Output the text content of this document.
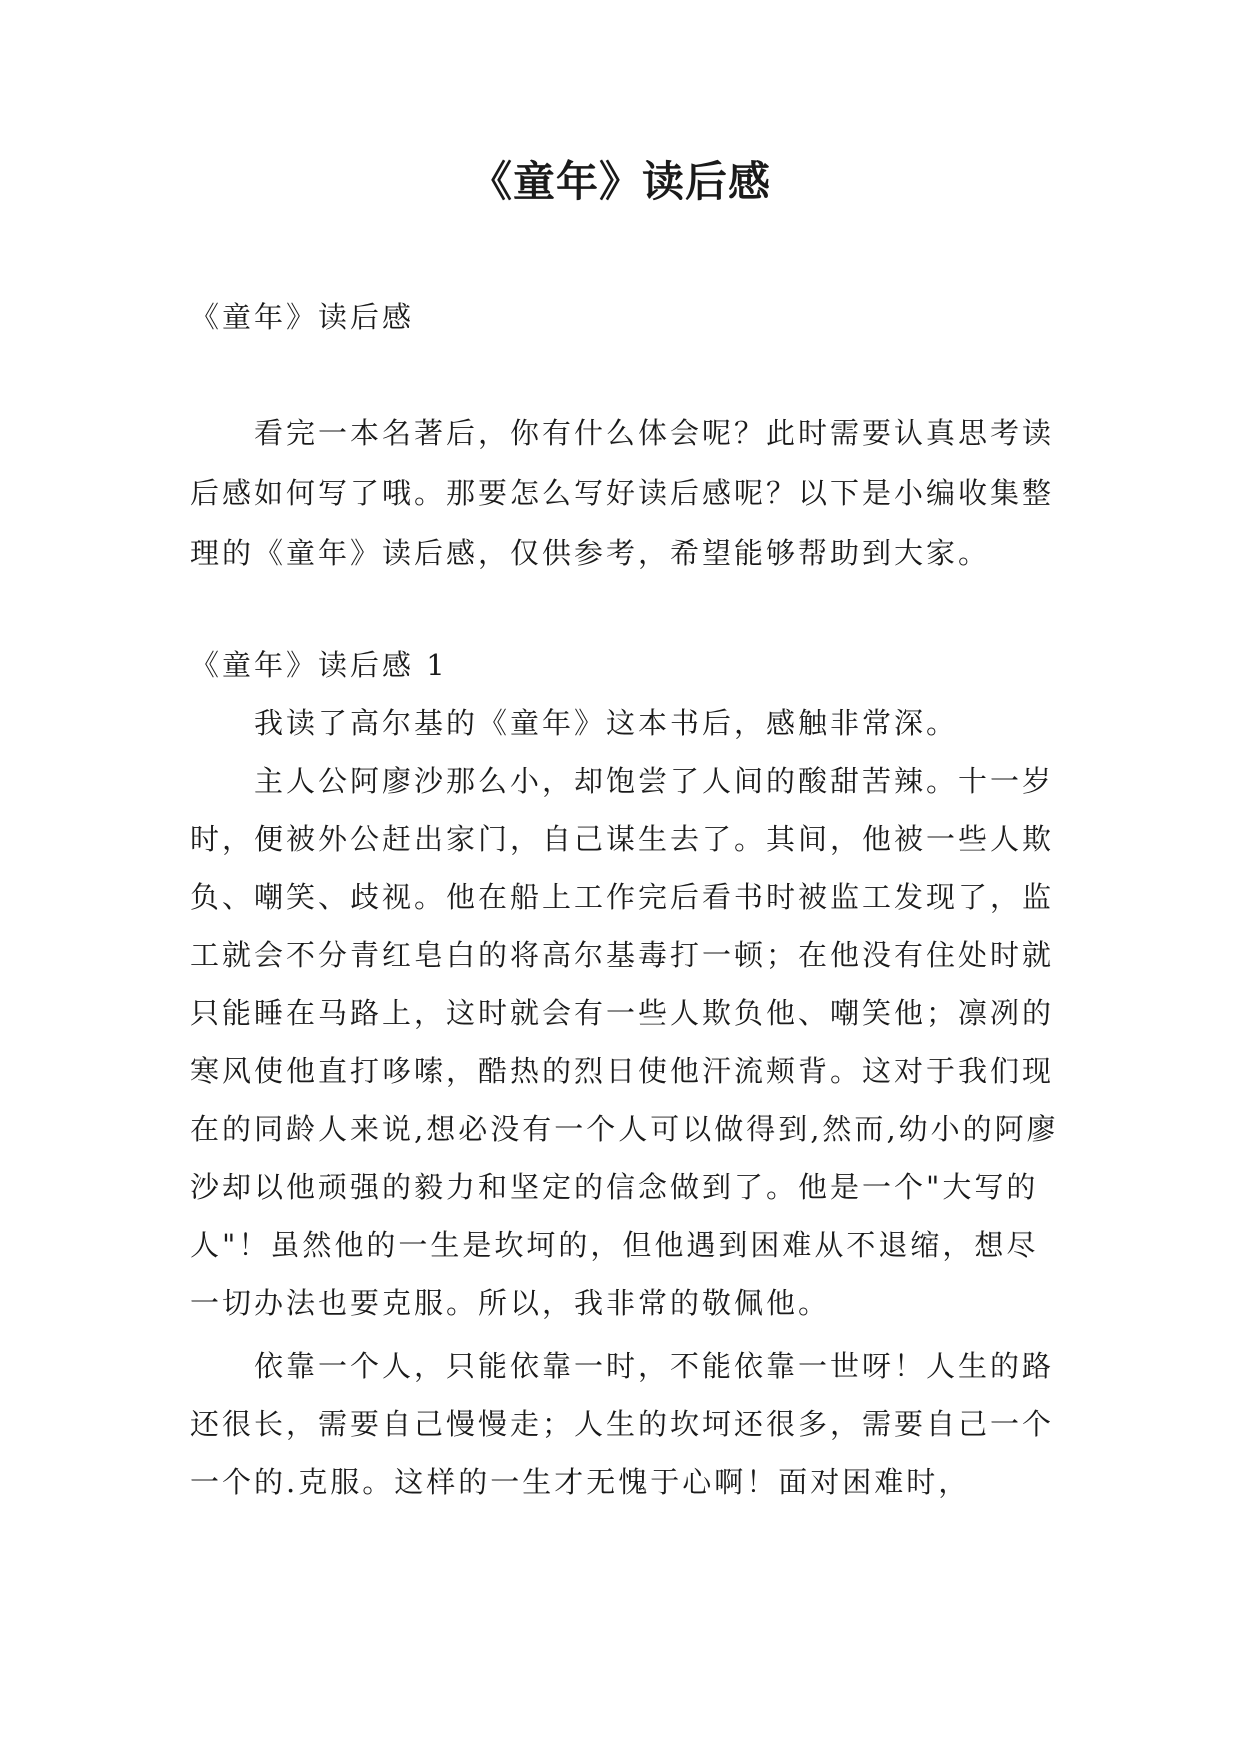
《童年》读后感

《童年》读后感

看完一本名著后，你有什么体会呢？此时需要认真思考读后感如何写了哦。那要怎么写好读后感呢？以下是小编收集整理的《童年》读后感，仅供参考，希望能够帮助到大家。

《童年》读后感 1

我读了高尔基的《童年》这本书后，感触非常深。

主人公阿廖沙那么小，却饱尝了人间的酸甜苦辣。十一岁时，便被外公赶出家门，自己谋生去了。其间，他被一些人欺负、嘲笑、歧视。他在船上工作完后看书时被监工发现了，监工就会不分青红皂白的将高尔基毒打一顿；在他没有住处时就只能睡在马路上，这时就会有一些人欺负他、嘲笑他；凛冽的寒风使他直打哆嗦，酷热的烈日使他汗流颊背。这对于我们现在的同龄人来说,想必没有一个人可以做得到,然而,幼小的阿廖沙却以他顽强的毅力和坚定的信念做到了。他是一个"大写的人"！虽然他的一生是坎坷的，但他遇到困难从不退缩，想尽一切办法也要克服。所以，我非常的敬佩他。

依靠一个人，只能依靠一时，不能依靠一世呀！人生的路还很长，需要自己慢慢走；人生的坎坷还很多，需要自己一个一个的.克服。这样的一生才无愧于心啊！面对困难时，
